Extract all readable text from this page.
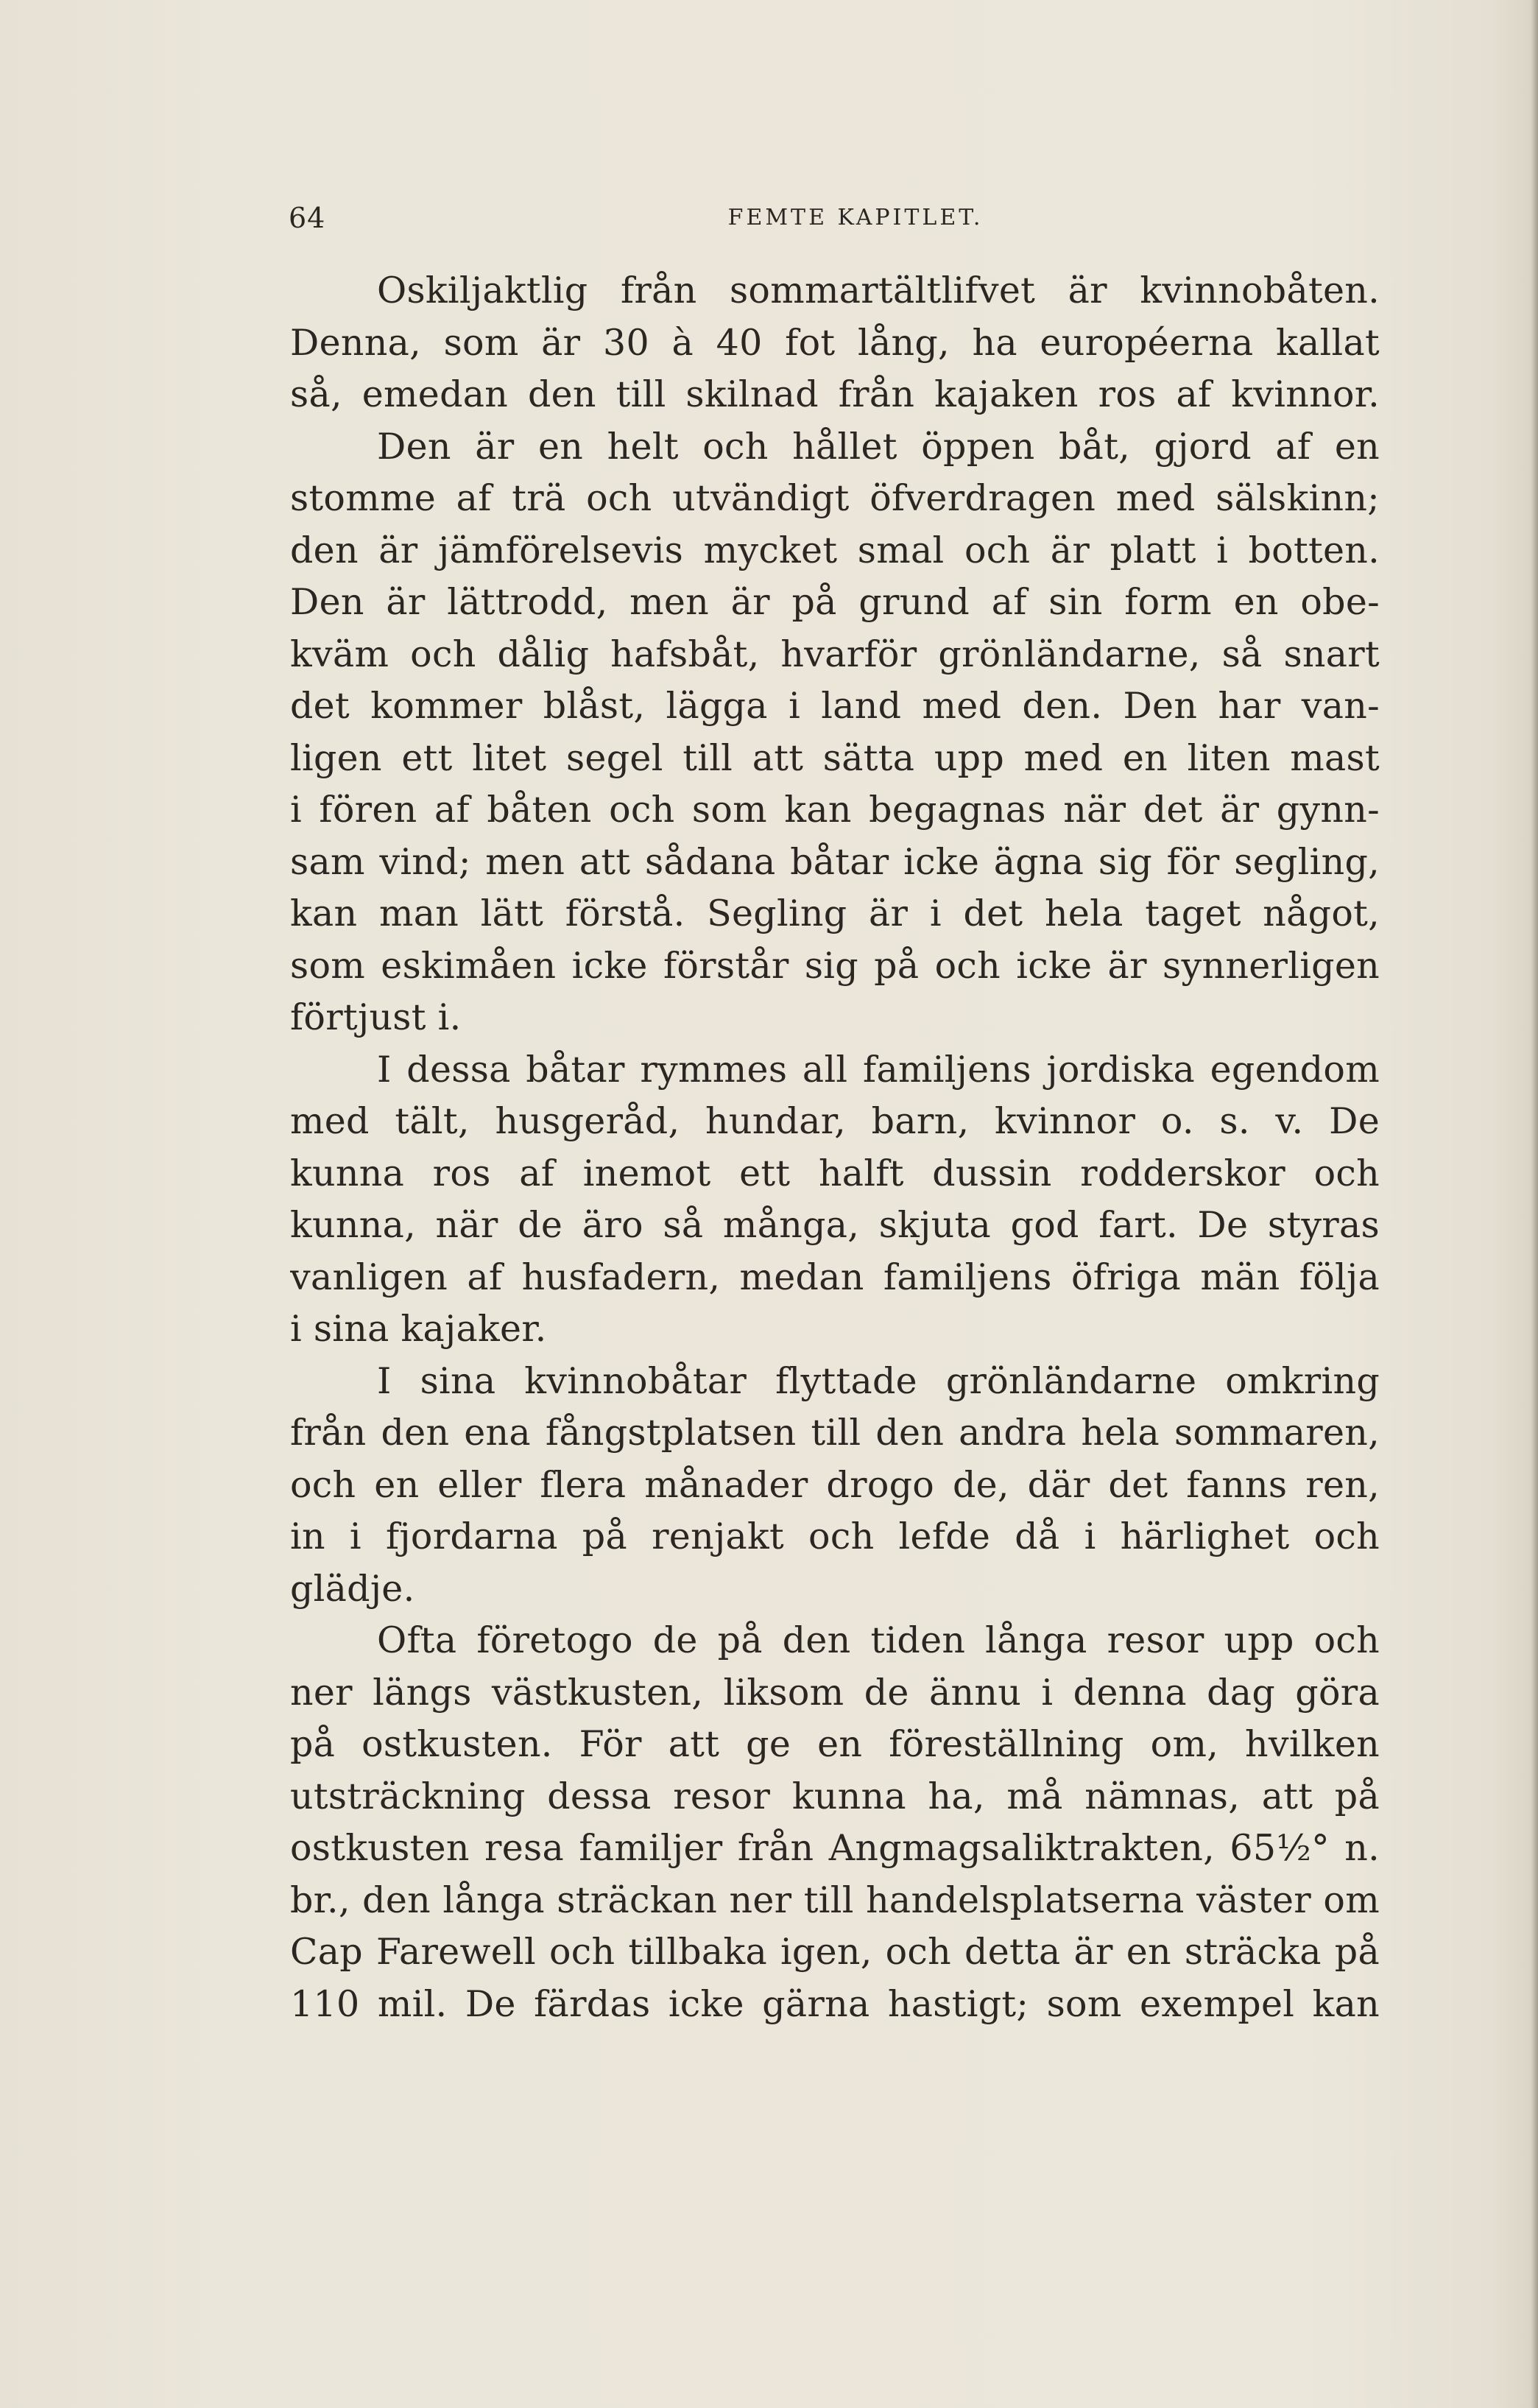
64	FEMTE KAPITLET.
Oskiljaktlig från sommartältlifvet är kvinnobåten.
Denna, som är 30 à 40 fot lång, ha européerna kallat
så, emedan den till skilnad från kajaken ros af kvinnor.
Den är en helt och hållet öppen båt, gjord af en
stomme af trä och utvändigt öfverdragen med sälskinn;
den är jämförelsevis mycket smal och är platt i botten.
Den är lättrodd, men är på grund af sin form en obe-
kväm och dålig hafsbåt, hvarför grönländarne, så snart
det kommer blåst, lägga i land med den. Den har van-
ligen ett litet segel till att sätta upp med en liten mast
i fören af båten och som kan begagnas när det är gynn-
sam vind; men att sådana båtar icke ägna sig för segling,
kan man lätt förstå. Segling är i det hela taget något,
som eskimåen icke förstår sig på och icke är synnerligen
förtjust i.
I dessa båtar rymmes all familjens jordiska egendom
med tält, husgeråd, hundar, barn, kvinnor o. s. v. De
kunna ros af inemot ett halft dussin rodderskor och
kunna, när de äro så många, skjuta god fart. De styras
vanligen af husfadern, medan familjens öfriga män följa
i sina kajaker.
I sina kvinnobåtar flyttade grönländarne omkring
från den ena fångstplatsen till den andra hela sommaren,
och en eller flera månader drogo de, där det fanns ren,
in i fjordarna på renjakt och lefde då i härlighet och
glädje.
Ofta företogo de på den tiden långa resor upp och
ner längs västkusten, liksom de ännu i denna dag göra
på ostkusten. För att ge en föreställning om, hvilken
utsträckning dessa resor kunna ha, må nämnas, att på
ostkusten resa familjer från Angmagsaliktrakten, 65½° n.
br., den långa sträckan ner till handelsplatserna väster om
Cap Farewell och tillbaka igen, och detta är en sträcka på
110 mil. De färdas icke gärna hastigt; som exempel kan
